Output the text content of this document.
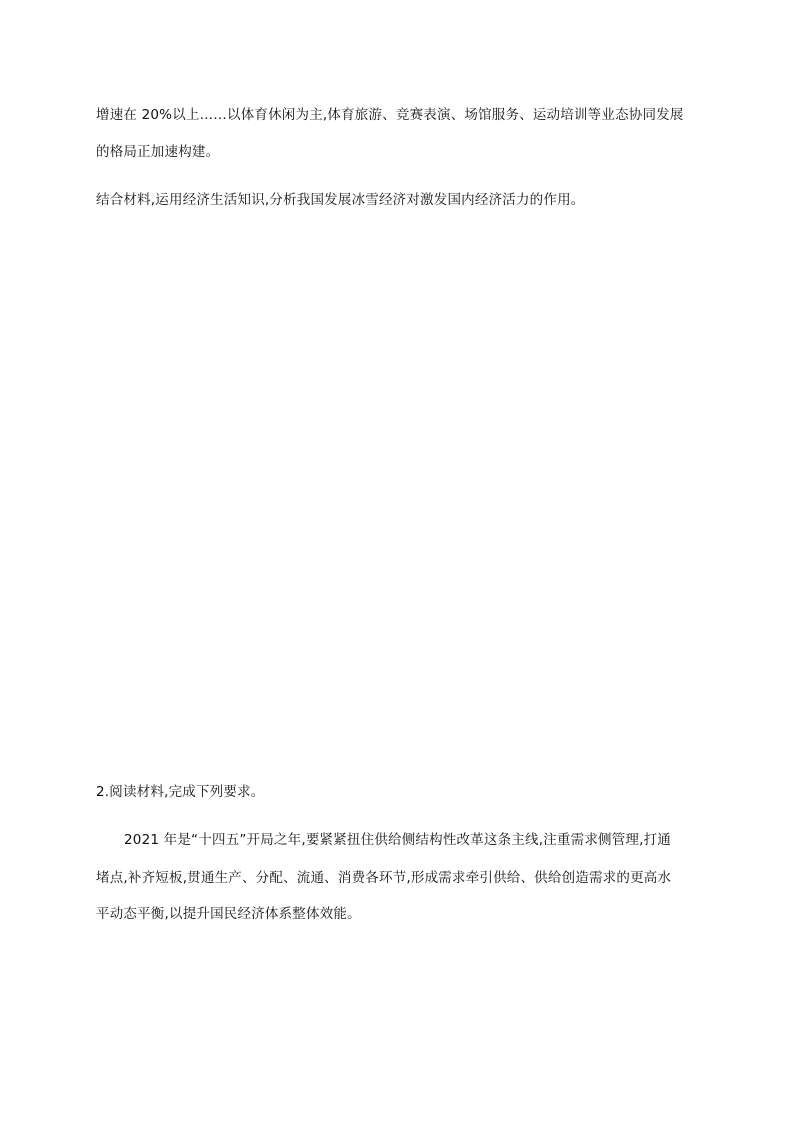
增速在 20%以上……以体育休闲为主,体育旅游、竞赛表演、场馆服务、运动培训等业态协同发展
的格局正加速构建。
结合材料,运用经济生活知识,分析我国发展冰雪经济对激发国内经济活力的作用。
2.阅读材料,完成下列要求。
2021 年是“十四五”开局之年,要紧紧扭住供给侧结构性改革这条主线,注重需求侧管理,打通
堵点,补齐短板,贯通生产、分配、流通、消费各环节,形成需求牵引供给、供给创造需求的更高水
平动态平衡,以提升国民经济体系整体效能。
